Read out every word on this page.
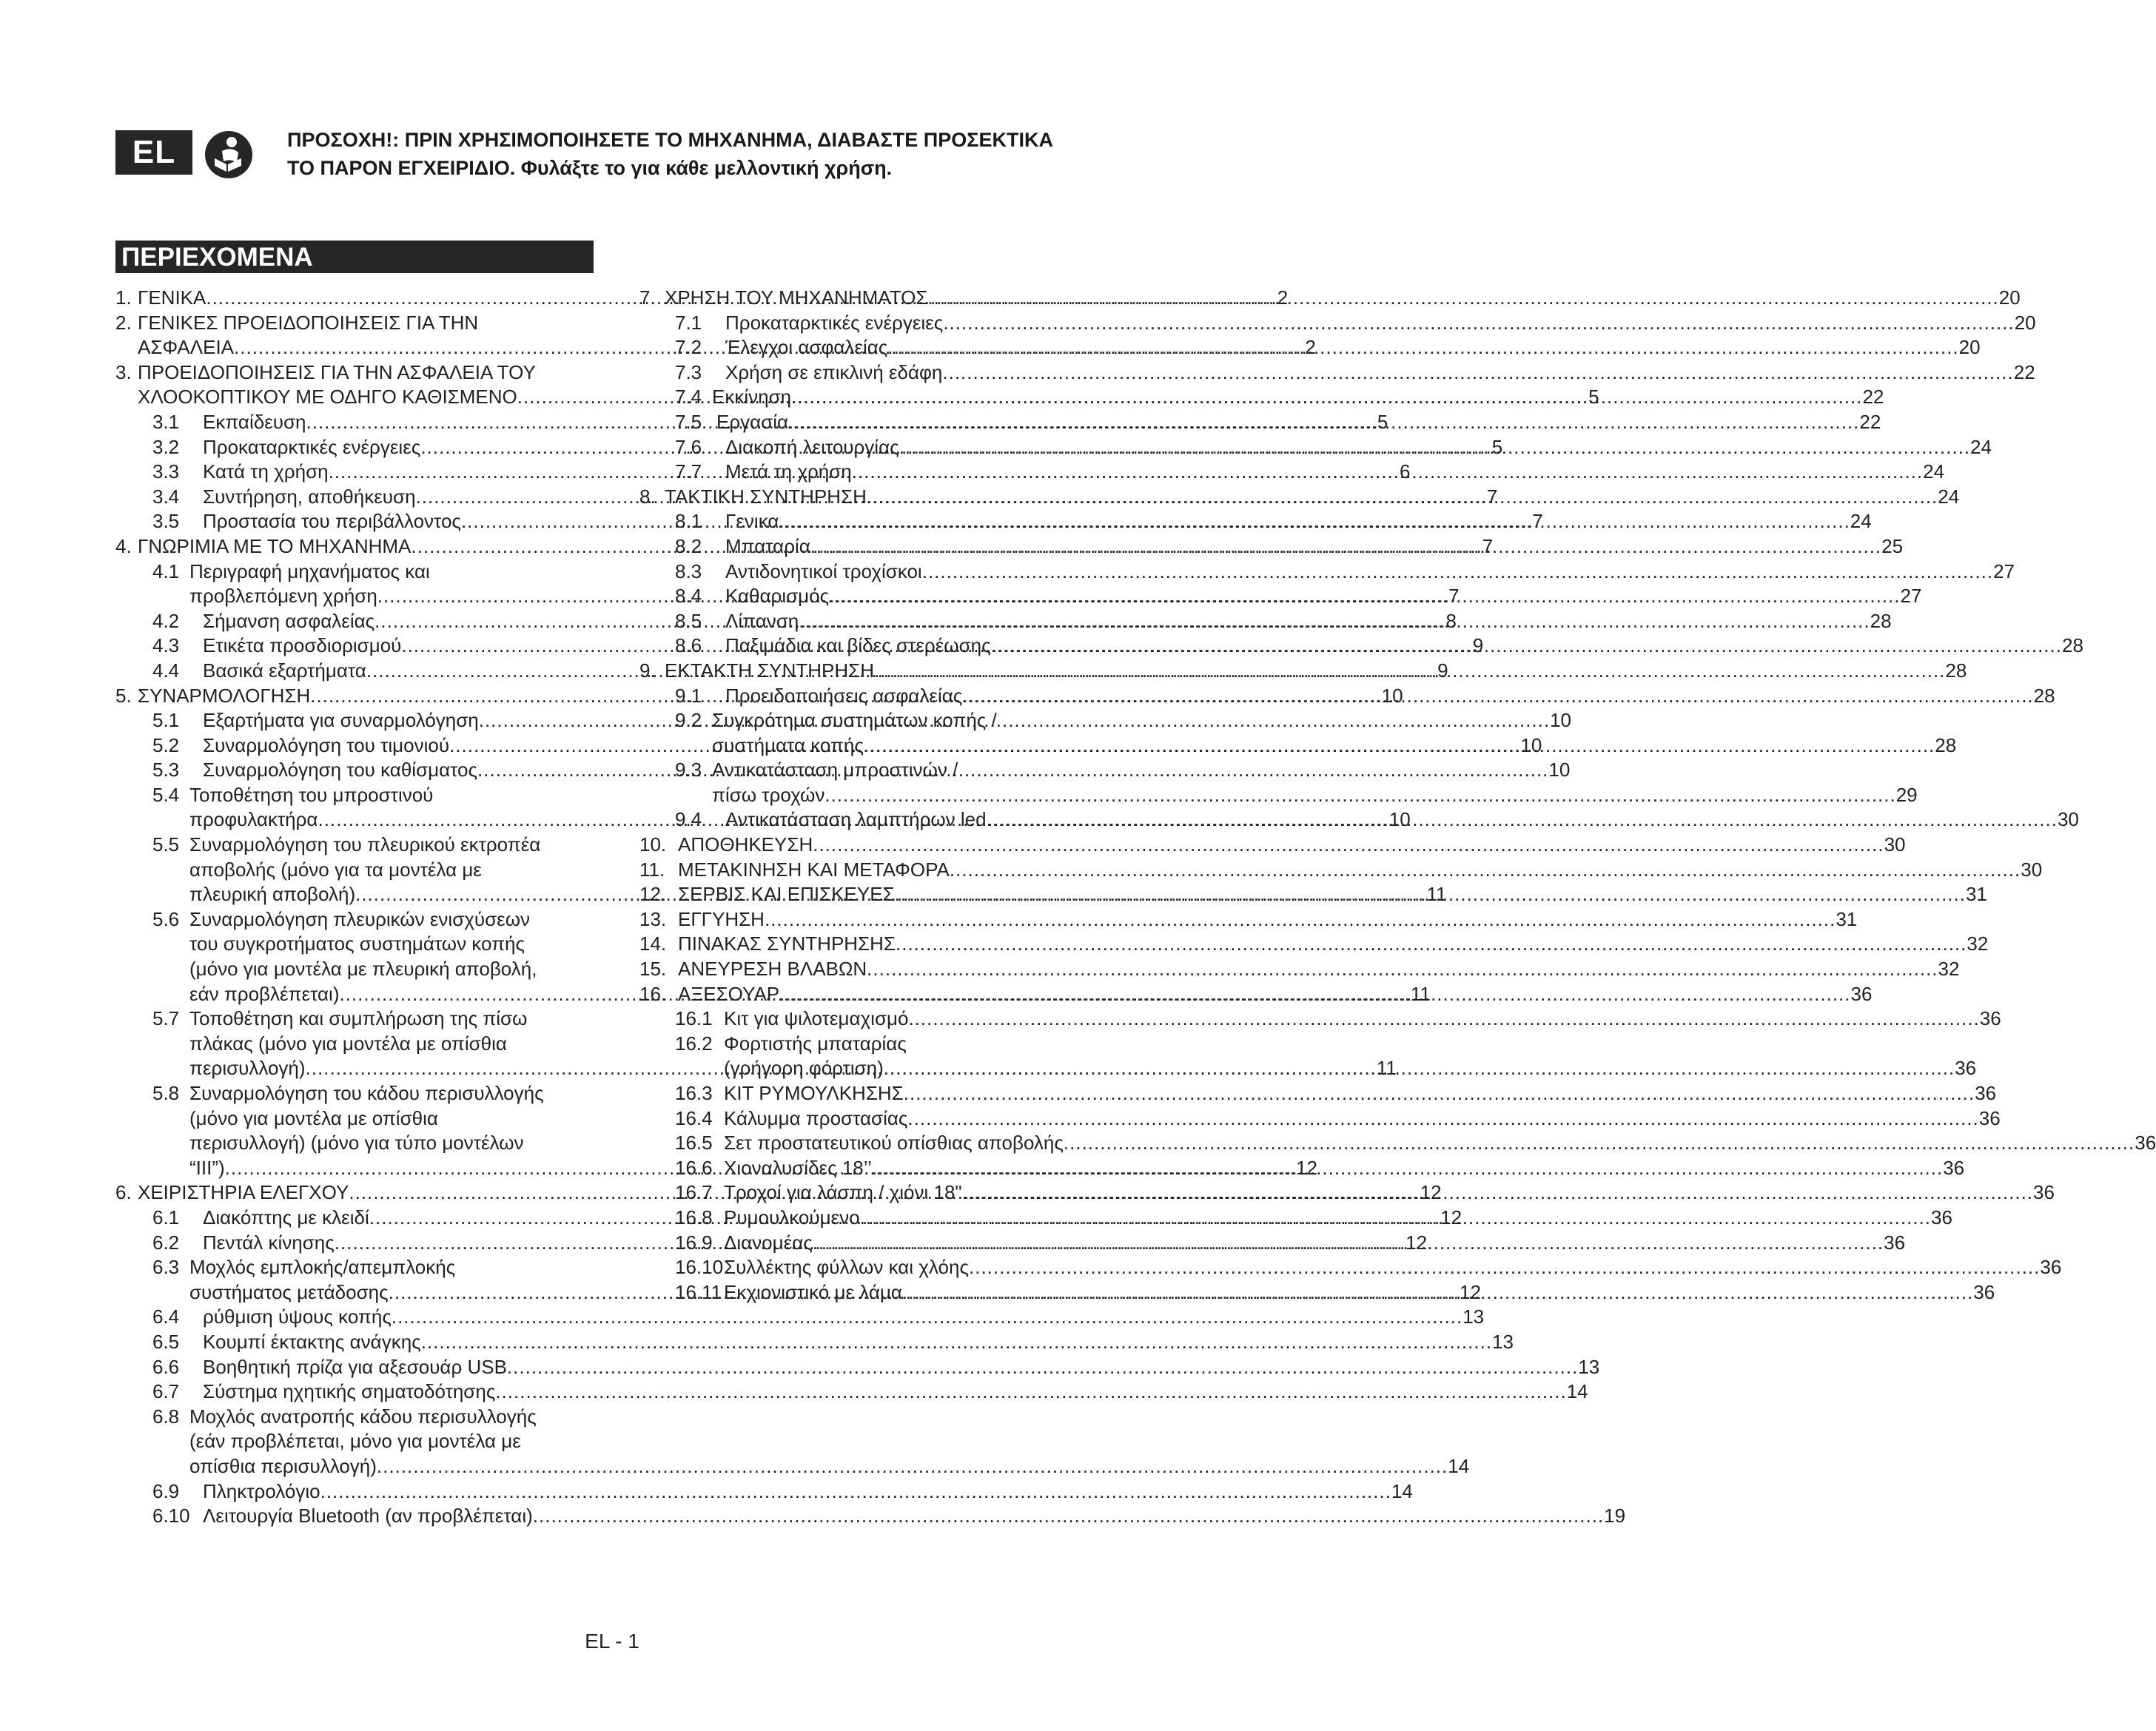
EL	ΠΡΟΣΟΧΗ!: ΠΡΙΝ ΧΡΗΣΙΜΟΠΟΙΗΣΕΤΕ ΤΟ ΜΗΧΑΝΗΜΑ, ΔΙΑΒΑΣΤΕ ΠΡΟΣΕΚΤΙΚΑ
ΤΟ ΠΑΡΟΝ ΕΓΧΕΙΡΙΔΙΟ. Φυλάξτε το για κάθε μελλοντική χρήση.
ΠΕΡΙΕΧΟΜΕΝΑ
1. ΓΕΝΙΚΑ .....	2
2. ΓΕΝΙΚΕΣ ΠΡΟΕΙΔΟΠΟΙΗΣΕΙΣ ΓΙΑ ΤΗΝ
ΑΣΦΑΛΕΙΑ .....	2
3. ΠΡΟΕΙΔΟΠΟΙΗΣΕΙΣ ΓΙΑ ΤΗΝ ΑΣΦΑΛΕΙΑ ΤΟΥ
ΧΛΟΟΚΟΠΤΙΚΟΥ ΜΕ ΟΔΗΓΟ ΚΑΘΙΣΜΕΝΟ .....	5
3.1	Εκπαίδευση .....	5
3.2	Προκαταρκτικές ενέργειες .....	5
3.3	Κατά τη χρήση .....	6
3.4	Συντήρηση, αποθήκευση .....	7
3.5	Προστασία του περιβάλλοντος .....	7
4. ΓΝΩΡΙΜΙΑ ΜΕ ΤΟ ΜΗΧΑΝΗΜΑ .....	7
4.1 Περιγραφή μηχανήματος και
προβλεπόμενη χρήση .....	7
4.2	Σήμανση ασφαλείας .....	8
4.3	Ετικέτα προσδιορισμού .....	9
4.4	Βασικά εξαρτήματα .....	9
5. ΣΥΝΑΡΜΟΛΟΓΗΣΗ .....	10
5.1	Εξαρτήματα για συναρμολόγηση .....	10
5.2	Συναρμολόγηση του τιμονιού .....	10
5.3	Συναρμολόγηση του καθίσματος .....	10
5.4 Τοποθέτηση του μπροστινού
προφυλακτήρα .....	10
5.5 Συναρμολόγηση του πλευρικού εκτροπέα
αποβολής (μόνο για τα μοντέλα με
πλευρική αποβολή) .....	11
5.6 Συναρμολόγηση πλευρικών ενισχύσεων
του συγκροτήματος συστημάτων κοπής
(μόνο για μοντέλα με πλευρική αποβολή,
εάν προβλέπεται) .....	11
5.7 Τοποθέτηση και συμπλήρωση της πίσω
πλάκας (μόνο για μοντέλα με οπίσθια
περισυλλογή) .....	11
5.8 Συναρμολόγηση του κάδου περισυλλογής
(μόνο για μοντέλα με οπίσθια
περισυλλογή) (μόνο για τύπο μοντέλων
“III”) .....	12
6. ΧΕΙΡΙΣΤΗΡΙΑ ΕΛΕΓΧΟΥ .....	12
6.1	Διακόπτης με κλειδί .....	12
6.2	Πεντάλ κίνησης .....	12
6.3 Μοχλός εμπλοκής/απεμπλοκής
συστήματος μετάδοσης .....	12
6.4	ρύθμιση ύψους κοπής .....	13
6.5	Κουμπί έκτακτης ανάγκης .....	13
6.6	Βοηθητική πρίζα για αξεσουάρ USB .....	13
6.7	Σύστημα ηχητικής σηματοδότησης .....	14
6.8 Μοχλός ανατροπής κάδου περισυλλογής
(εάν προβλέπεται, μόνο για μοντέλα με
οπίσθια περισυλλογή) .....	14
6.9	Πληκτρολόγιο .....	14
6.10 Λειτουργία Bluetooth (αν προβλέπεται) .....	19
7. ΧΡΗΣΗ ΤΟΥ ΜΗΧΑΝΗΜΑΤΟΣ .....	20
7.1	Προκαταρκτικές ενέργειες .....	20
7.2	Έλεγχοι ασφαλείας .....	20
7.3	Χρήση σε επικλινή εδάφη .....	22
7.4 Εκκίνηση .....	22
7.5 Εργασία .....	22
7.6	Διακοπή λειτουργίας .....	24
7.7	Μετά τη χρήση .....	24
8. ΤΑΚΤΙΚΗ ΣΥΝΤΗΡΗΣΗ .....	24
8.1	Γενικα .....	24
8.2	Μπαταρία .....	25
8.3	Αντιδονητικοί τροχίσκοι .....	27
8.4	Καθαρισμός .....	27
8.5	Λίπανση .....	28
8.6	Παξιμάδια και βίδες στερέωσης .....	28
9. ΕΚΤΑΚΤΗ ΣΥΝΤΗΡΗΣΗ .....	28
9.1	Προειδοποιήσεις ασφαλείας .....	28
9.2 Συγκρότημα συστημάτων κοπής /
συστήματα κοπής .....	28
9.3 Αντικατάσταση μπροστινών /
πίσω τροχών .....	29
9.4	Αντικατάσταση λαμπτήρων led .....	30
10. ΑΠΟΘΗΚΕΥΣΗ .....	30
11. ΜΕΤΑΚΙΝΗΣΗ ΚΑΙ ΜΕΤΑΦΟΡΑ .....	30
12. ΣΕΡΒΙΣ ΚΑΙ ΕΠΙΣΚΕΥΕΣ .....	31
13. ΕΓΓΥΗΣΗ .....	31
14. ΠΙΝΑΚΑΣ ΣΥΝΤΗΡΗΣΗΣ .....	32
15. ΑΝΕΥΡΕΣΗ ΒΛΑΒΩΝ .....	32
16. ΑΞΕΣΟΥΑΡ .....	36
16.1 Κιτ για ψιλοτεμαχισμό .....	36
16.2 Φορτιστής μπαταρίας
(γρήγορη φόρτιση) .....	36
16.3 ΚΙΤ ΡΥΜΟΥΛΚΗΣΗΣ .....	36
16.4 Κάλυμμα προστασίας .....	36
16.5 Σετ προστατευτικού οπίσθιας αποβολής .....	36
16.6 Χιοναλυσίδες 18’’ .....	36
16.7 Τροχοί για λάσπη / χιόνι 18" .....	36
16.8 Ρυμουλκούμενο .....	36
16.9 Διανομέας .....	36
16.10 Συλλέκτης φύλλων και χλόης .....	36
16.11 Εκχιονιστικό με λάμα .....	36
EL - 1
